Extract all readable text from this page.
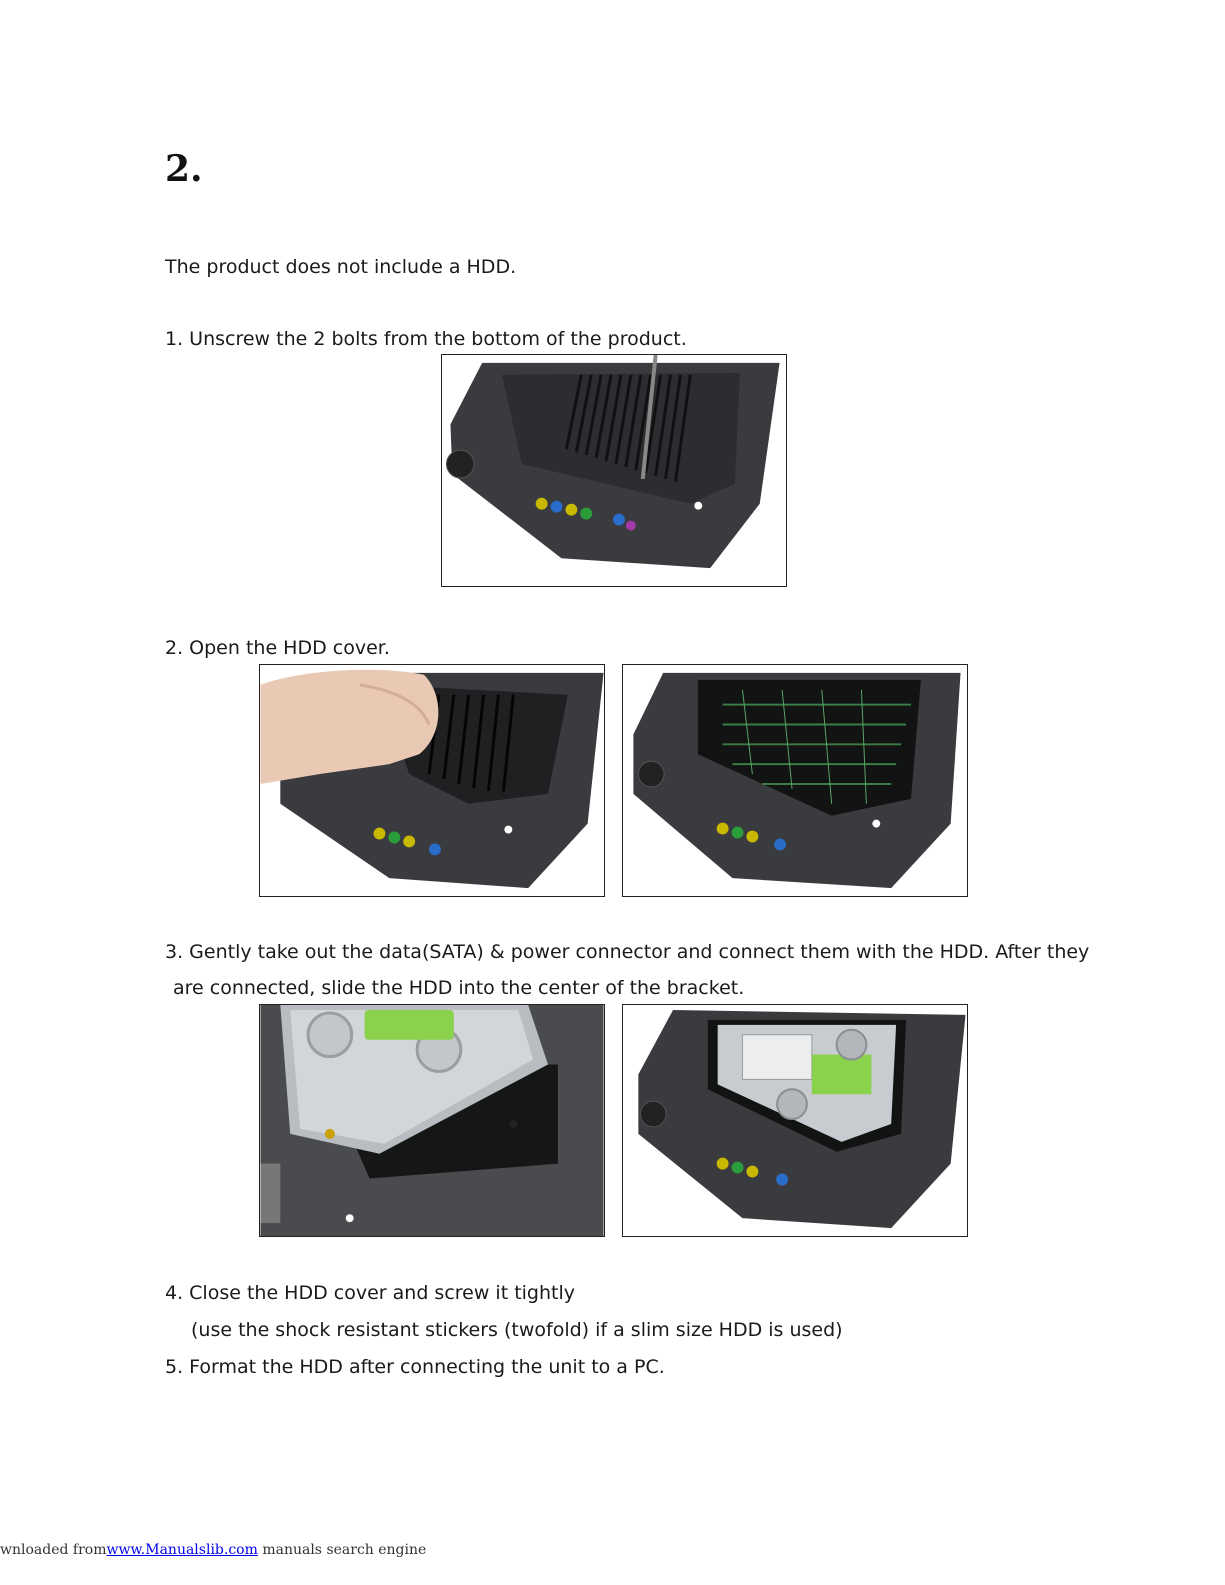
2.
The product does not include a HDD.
1. Unscrew the 2 bolts from the bottom of the product.
2. Open the HDD cover.
3. Gently take out the data(SATA) & power connector and connect them with the HDD. After they
are connected, slide the HDD into the center of the bracket.
4. Close the HDD cover and screw it tightly
(use the shock resistant stickers (twofold) if a slim size HDD is used)
5. Format the HDD after connecting the unit to a PC.
wnloaded fromwww.Manualslib.com manuals search engine
